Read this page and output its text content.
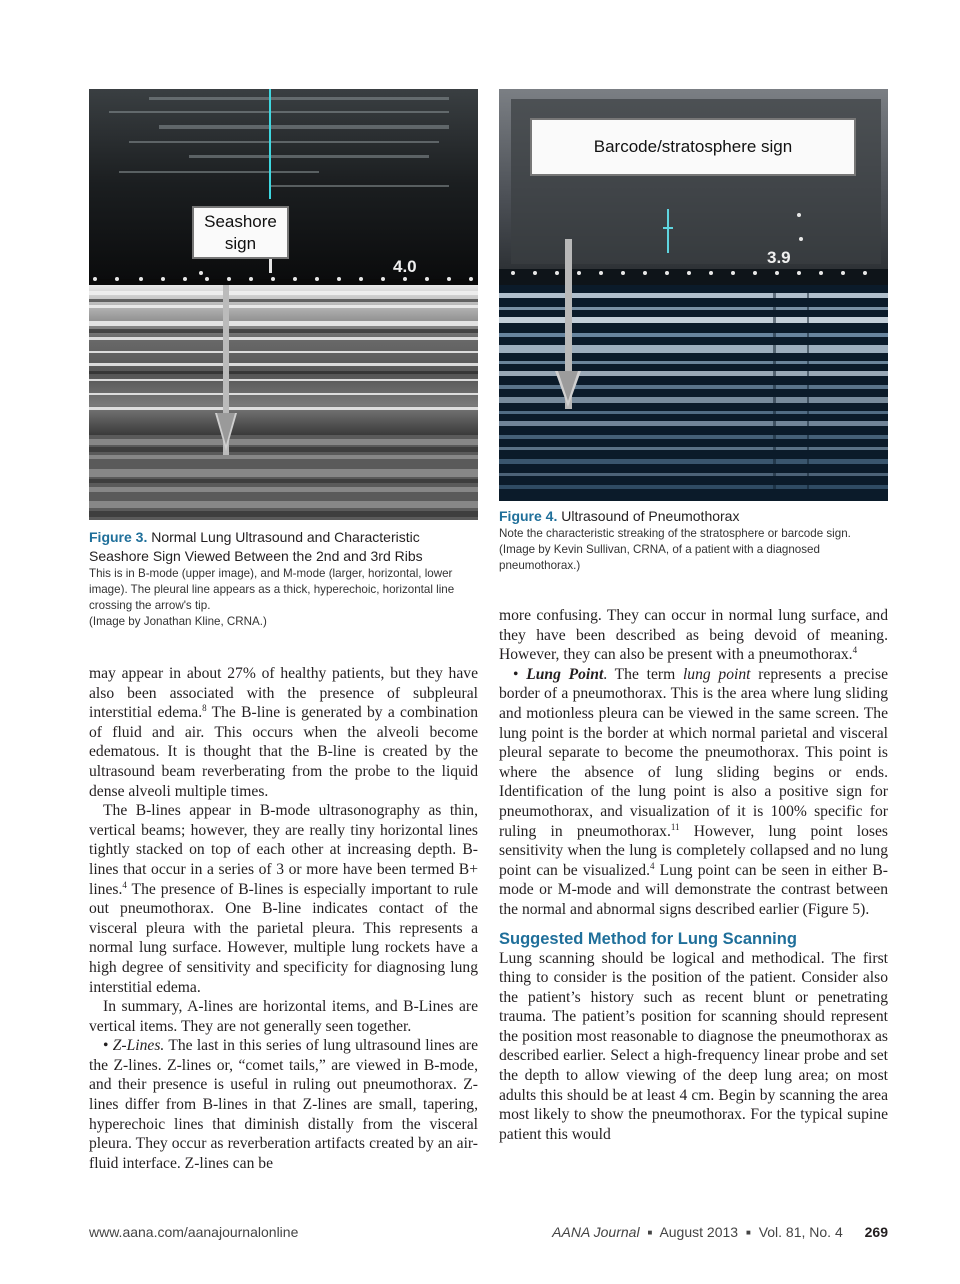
4.0
Seashore
sign
3.9
Barcode/stratosphere sign
Figure 3. Normal Lung Ultrasound and Characteristic Seashore Sign Viewed Between the 2nd and 3rd Ribs
This is in B-mode (upper image), and M-mode (larger, horizontal, lower image). The pleural line appears as a thick, hyperechoic, horizontal line crossing the arrow's tip.
(Image by Jonathan Kline, CRNA.)
Figure 4. Ultrasound of Pneumothorax
Note the characteristic streaking of the stratosphere or barcode sign. (Image by Kevin Sullivan, CRNA, of a patient with a diagnosed pneumothorax.)

may appear in about 27% of healthy patients, but they have also been associated with the presence of subpleural interstitial edema.$^8$ The B-line is generated by a combination of fluid and air. This occurs when the alveoli become edematous. It is thought that the B-line is created by the ultrasound beam reverberating from the probe to the liquid dense alveoli multiple times.

The B-lines appear in B-mode ultrasonography as thin, vertical beams; however, they are really tiny horizontal lines tightly stacked on top of each other at increasing depth. B-lines that occur in a series of 3 or more have been termed B+ lines.$^4$ The presence of B-lines is especially important to rule out pneumothorax. One B-line indicates contact of the visceral pleura with the parietal pleura. This represents a normal lung surface. However, multiple lung rockets have a high degree of sensitivity and specificity for diagnosing lung interstitial edema.

In summary, A-lines are horizontal items, and B-Lines are vertical items. They are not generally seen together.

• Z-Lines. The last in this series of lung ultrasound lines are the Z-lines. Z-lines or, “comet tails,” are viewed in B-mode, and their presence is useful in ruling out pneumothorax. Z-lines differ from B-lines in that Z-lines are small, tapering, hyperechoic lines that diminish distally from the visceral pleura. They occur as reverberation artifacts created by an air-fluid interface. Z-lines can be

more confusing. They can occur in normal lung surface, and they have been described as being devoid of meaning. However, they can also be present with a pneumothorax.$^4$

• Lung Point. The term lung point represents a precise border of a pneumothorax. This is the area where lung sliding and motionless pleura can be viewed in the same screen. The lung point is the border at which normal parietal and visceral pleural separate to become the pneumothorax. This point is where the absence of lung sliding begins or ends. Identification of the lung point is also a positive sign for pneumothorax, and visualization of it is 100% specific for ruling in pneumothorax.$^{11}$ However, lung point loses sensitivity when the lung is completely collapsed and no lung point can be visualized.$^4$ Lung point can be seen in either B- mode or M-mode and will demonstrate the contrast between the normal and abnormal signs described earlier (Figure 5).

Suggested Method for Lung Scanning

Lung scanning should be logical and methodical. The first thing to consider is the position of the patient. Consider also the patient’s history such as recent blunt or penetrating trauma. The patient’s position for scanning should represent the position most reasonable to diagnose the pneumothorax as described earlier. Select a high-frequency linear probe and set the depth to allow viewing of the deep lung area; on most adults this should be at least 4 cm. Begin by scanning the area most likely to show the pneumothorax. For the typical supine patient this would

www.aana.com/aanajournalonline	AANA Journal ■ August 2013 ■ Vol. 81, No. 4 269
